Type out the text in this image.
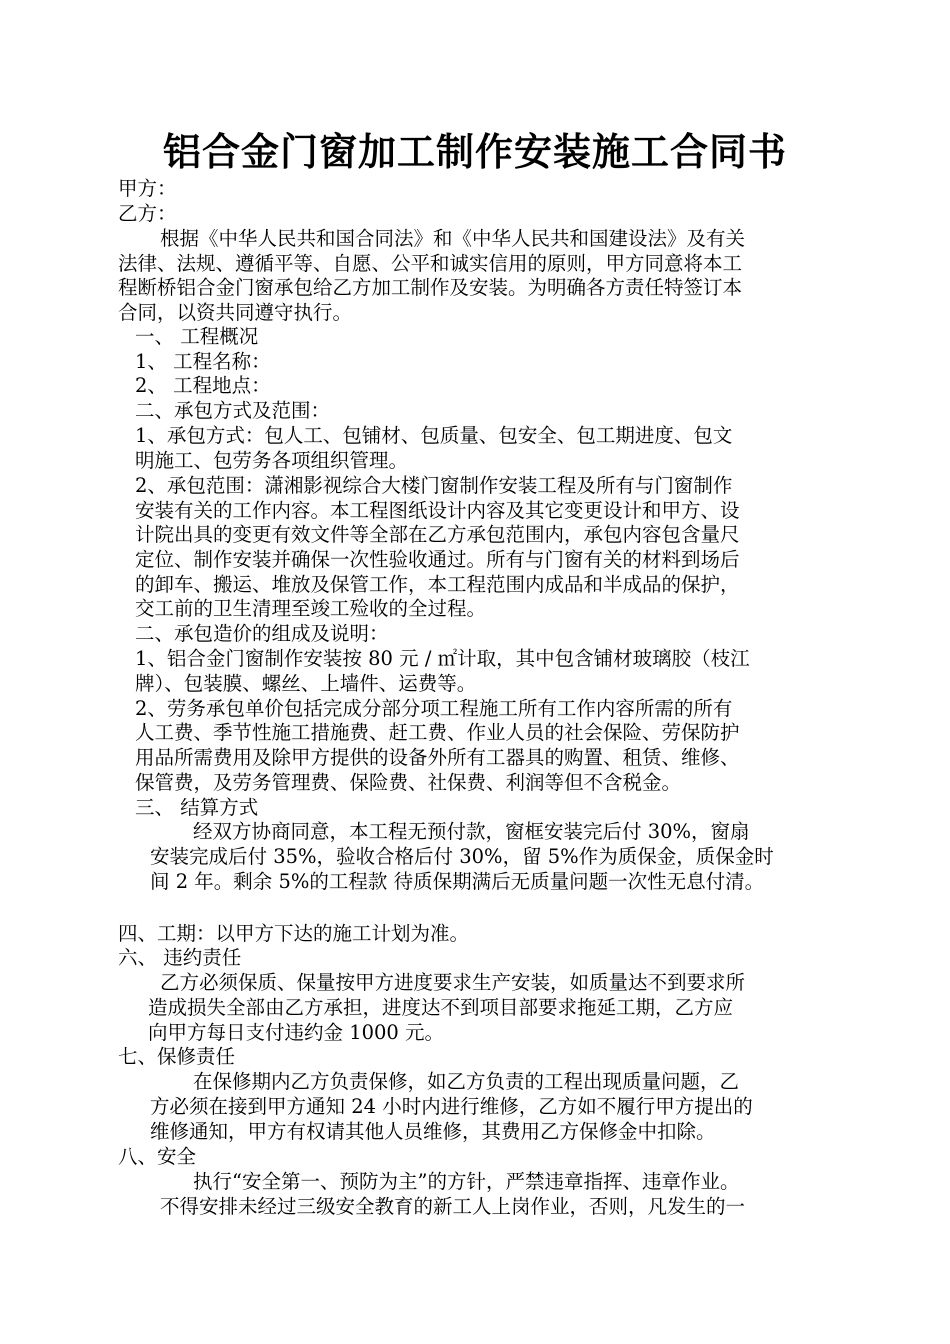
铝合金门窗加工制作安装施工合同书
甲方：
乙方：
根据《中华人民共和国合同法》和《中华人民共和国建设法》及有关
法律、法规、遵循平等、自愿、公平和诚实信用的原则，甲方同意将本工
程断桥铝合金门窗承包给乙方加工制作及安装。为明确各方责任特签订本
合同，以资共同遵守执行。
一、 工程概况
1、 工程名称：
2、 工程地点：
二、承包方式及范围：
1、承包方式：包人工、包铺材、包质量、包安全、包工期进度、包文
明施工、包劳务各项组织管理。
2、承包范围：潇湘影视综合大楼门窗制作安装工程及所有与门窗制作
安装有关的工作内容。本工程图纸设计内容及其它变更设计和甲方、设
计院出具的变更有效文件等全部在乙方承包范围内，承包内容包含量尺
定位、制作安装并确保一次性验收通过。所有与门窗有关的材料到场后
的卸车、搬运、堆放及保管工作，本工程范围内成品和半成品的保护，
交工前的卫生清理至竣工殓收的全过程。
二、承包造价的组成及说明：
1、铝合金门窗制作安装按 80 元 / ㎡计取，其中包含铺材玻璃胶（枝江
牌）、包装膜、螺丝、上墙件、运费等。
2、劳务承包单价包括完成分部分项工程施工所有工作内容所需的所有
人工费、季节性施工措施费、赶工费、作业人员的社会保险、劳保防护
用品所需费用及除甲方提供的设备外所有工器具的购置、租赁、维修、
保管费，及劳务管理费、保险费、社保费、利润等但不含税金。
三、 结算方式
经双方协商同意，本工程无预付款，窗框安装完后付 30%，窗扇
安装完成后付 35%，验收合格后付 30%，留 5%作为质保金，质保金时
间 2 年。剩余 5%的工程款 待质保期满后无质量问题一次性无息付清。
四、工期：以甲方下达的施工计划为准。
六、 违约责任
乙方必须保质、保量按甲方进度要求生产安装，如质量达不到要求所
造成损失全部由乙方承担，进度达不到项目部要求拖延工期，乙方应
向甲方每日支付违约金 1000 元。
七、保修责任
在保修期内乙方负责保修，如乙方负责的工程出现质量问题，乙
方必须在接到甲方通知 24 小时内进行维修，乙方如不履行甲方提出的
维修通知，甲方有权请其他人员维修，其费用乙方保修金中扣除。
八、安全
执行“安全第一、预防为主”的方针，严禁违章指挥、违章作业。
不得安排未经过三级安全教育的新工人上岗作业，否则，凡发生的一
